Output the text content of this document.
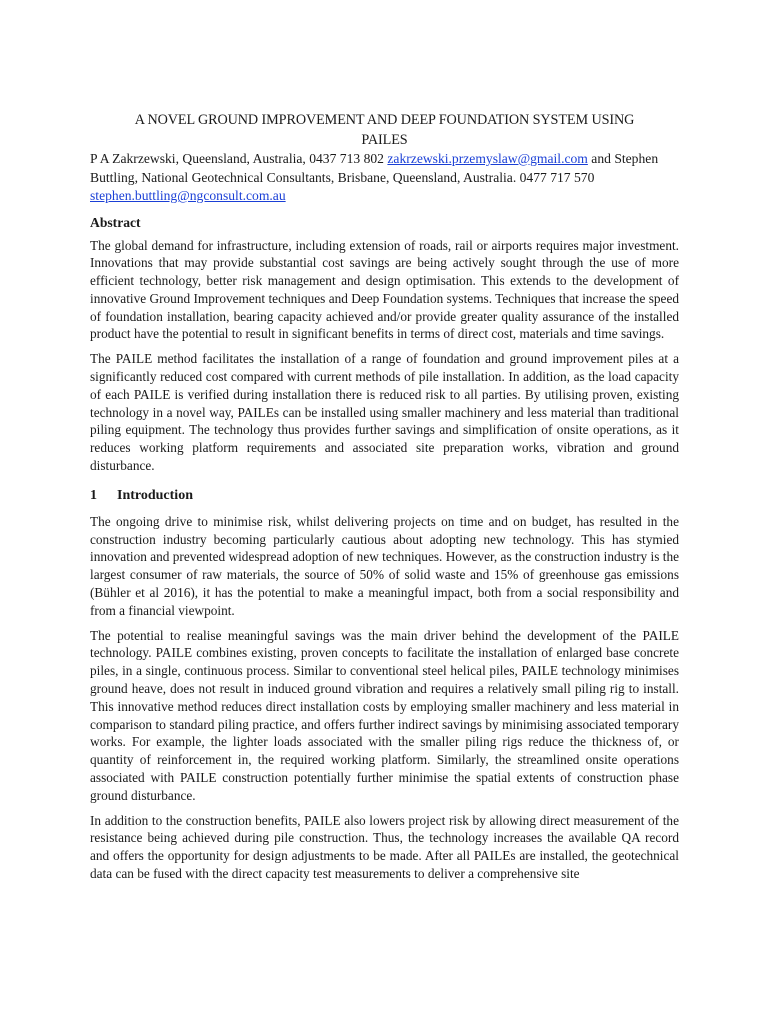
A NOVEL GROUND IMPROVEMENT AND DEEP FOUNDATION SYSTEM USING

PAILES

P A Zakrzewski, Queensland, Australia, 0437 713 802 zakrzewski.przemyslaw@gmail.com and Stephen Buttling, National Geotechnical Consultants, Brisbane, Queensland, Australia. 0477 717 570 stephen.buttling@ngconsult.com.au

Abstract

The global demand for infrastructure, including extension of roads, rail or airports requires major investment. Innovations that may provide substantial cost savings are being actively sought through the use of more efficient technology, better risk management and design optimisation. This extends to the development of innovative Ground Improvement techniques and Deep Foundation systems. Techniques that increase the speed of foundation installation, bearing capacity achieved and/or provide greater quality assurance of the installed product have the potential to result in significant benefits in terms of direct cost, materials and time savings.

The PAILE method facilitates the installation of a range of foundation and ground improvement piles at a significantly reduced cost compared with current methods of pile installation. In addition, as the load capacity of each PAILE is verified during installation there is reduced risk to all parties. By utilising proven, existing technology in a novel way, PAILEs can be installed using smaller machinery and less material than traditional piling equipment. The technology thus provides further savings and simplification of onsite operations, as it reduces working platform requirements and associated site preparation works, vibration and ground disturbance.

1 Introduction

The ongoing drive to minimise risk, whilst delivering projects on time and on budget, has resulted in the construction industry becoming particularly cautious about adopting new technology. This has stymied innovation and prevented widespread adoption of new techniques. However, as the construction industry is the largest consumer of raw materials, the source of 50% of solid waste and 15% of greenhouse gas emissions (Bühler et al 2016), it has the potential to make a meaningful impact, both from a social responsibility and from a financial viewpoint.

The potential to realise meaningful savings was the main driver behind the development of the PAILE technology. PAILE combines existing, proven concepts to facilitate the installation of enlarged base concrete piles, in a single, continuous process. Similar to conventional steel helical piles, PAILE technology minimises ground heave, does not result in induced ground vibration and requires a relatively small piling rig to install. This innovative method reduces direct installation costs by employing smaller machinery and less material in comparison to standard piling practice, and offers further indirect savings by minimising associated temporary works. For example, the lighter loads associated with the smaller piling rigs reduce the thickness of, or quantity of reinforcement in, the required working platform. Similarly, the streamlined onsite operations associated with PAILE construction potentially further minimise the spatial extents of construction phase ground disturbance.

In addition to the construction benefits, PAILE also lowers project risk by allowing direct measurement of the resistance being achieved during pile construction. Thus, the technology increases the available QA record and offers the opportunity for design adjustments to be made. After all PAILEs are installed, the geotechnical data can be fused with the direct capacity test measurements to deliver a comprehensive site
